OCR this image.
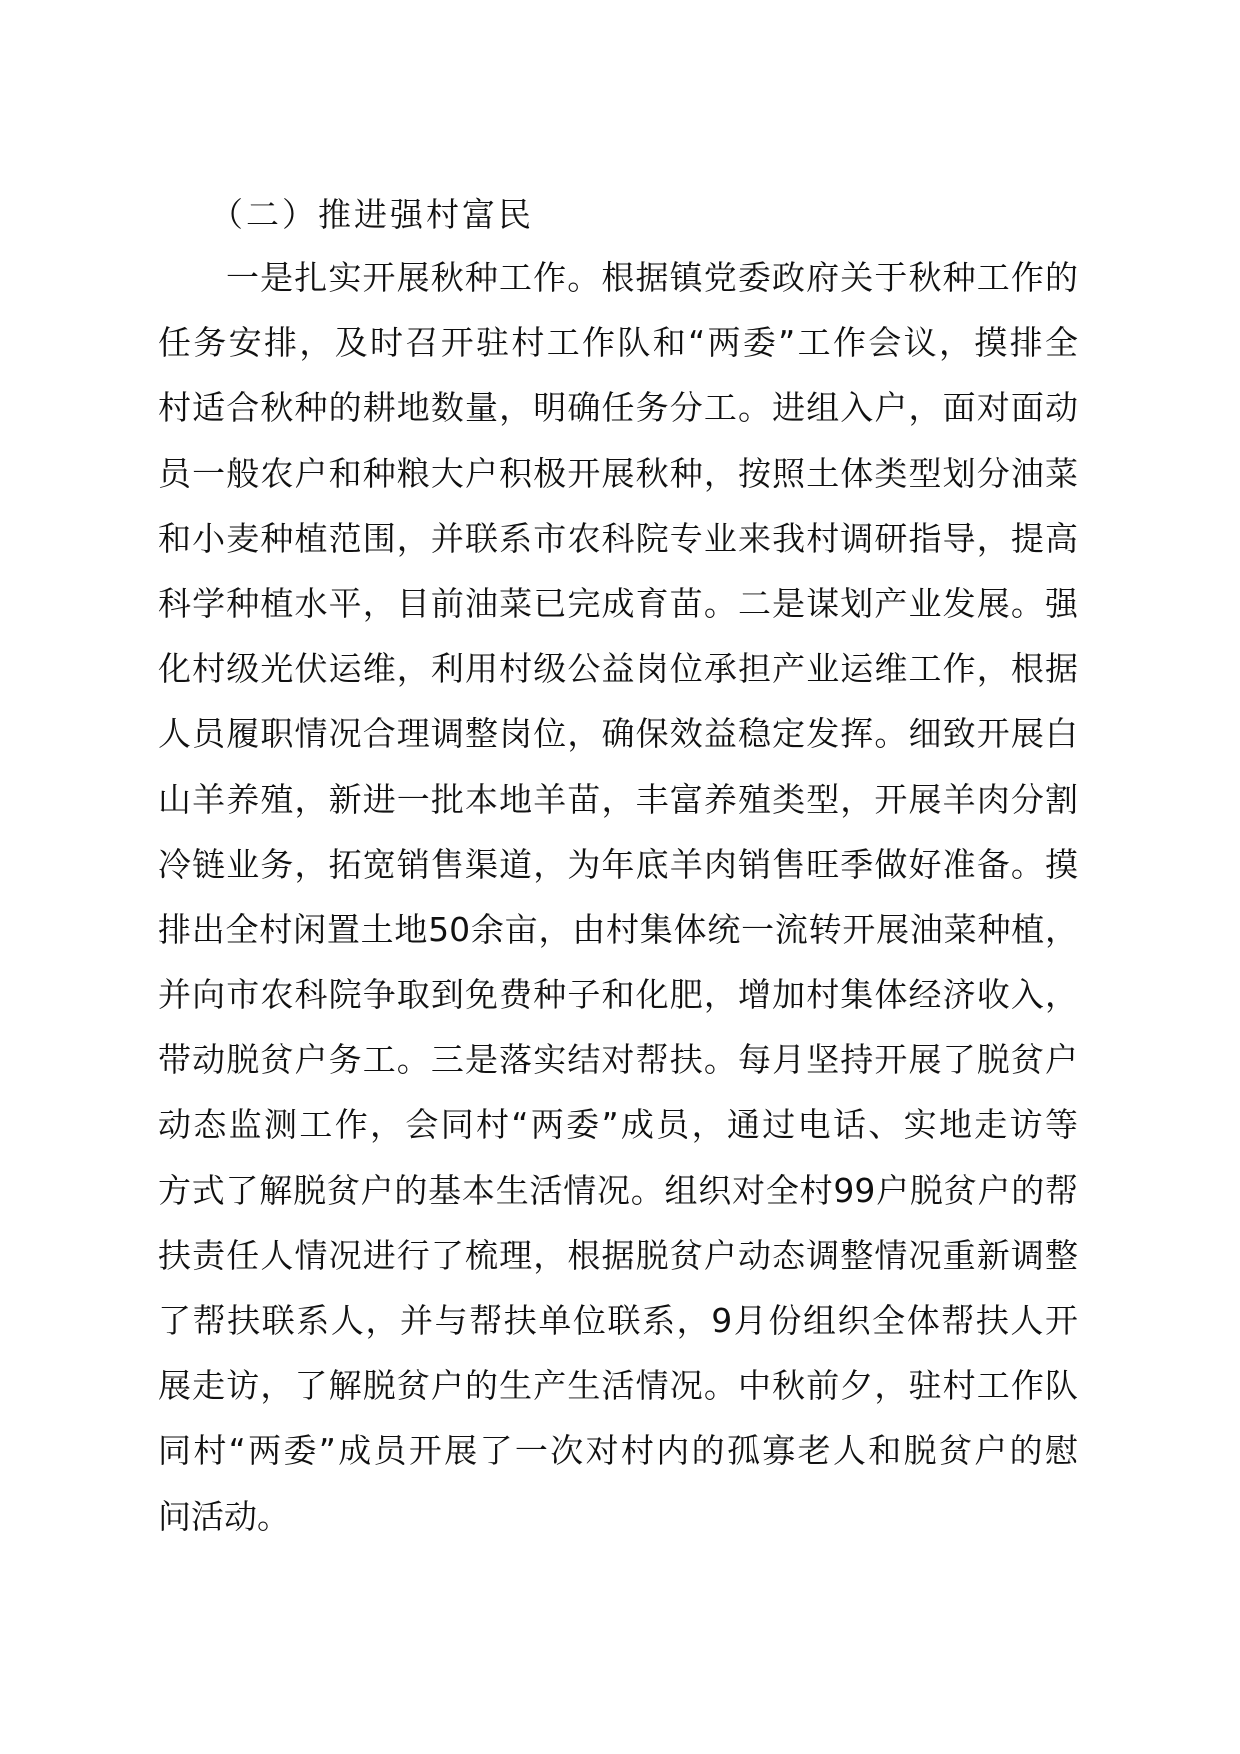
（二）推进强村富民
一是扎实开展秋种工作。根据镇党委政府关于秋种工作的
任务安排，及时召开驻村工作队和“两委”工作会议，摸排全
村适合秋种的耕地数量，明确任务分工。进组入户，面对面动
员一般农户和种粮大户积极开展秋种，按照土体类型划分油菜
和小麦种植范围，并联系市农科院专业来我村调研指导，提高
科学种植水平，目前油菜已完成育苗。二是谋划产业发展。强
化村级光伏运维，利用村级公益岗位承担产业运维工作，根据
人员履职情况合理调整岗位，确保效益稳定发挥。细致开展白
山羊养殖，新进一批本地羊苗，丰富养殖类型，开展羊肉分割
冷链业务，拓宽销售渠道，为年底羊肉销售旺季做好准备。摸
排出全村闲置土地50余亩，由村集体统一流转开展油菜种植，
并向市农科院争取到免费种子和化肥，增加村集体经济收入，
带动脱贫户务工。三是落实结对帮扶。每月坚持开展了脱贫户
动态监测工作，会同村“两委”成员，通过电话、实地走访等
方式了解脱贫户的基本生活情况。组织对全村99户脱贫户的帮
扶责任人情况进行了梳理，根据脱贫户动态调整情况重新调整
了帮扶联系人，并与帮扶单位联系，9月份组织全体帮扶人开
展走访，了解脱贫户的生产生活情况。中秋前夕，驻村工作队
同村“两委”成员开展了一次对村内的孤寡老人和脱贫户的慰
问活动。
